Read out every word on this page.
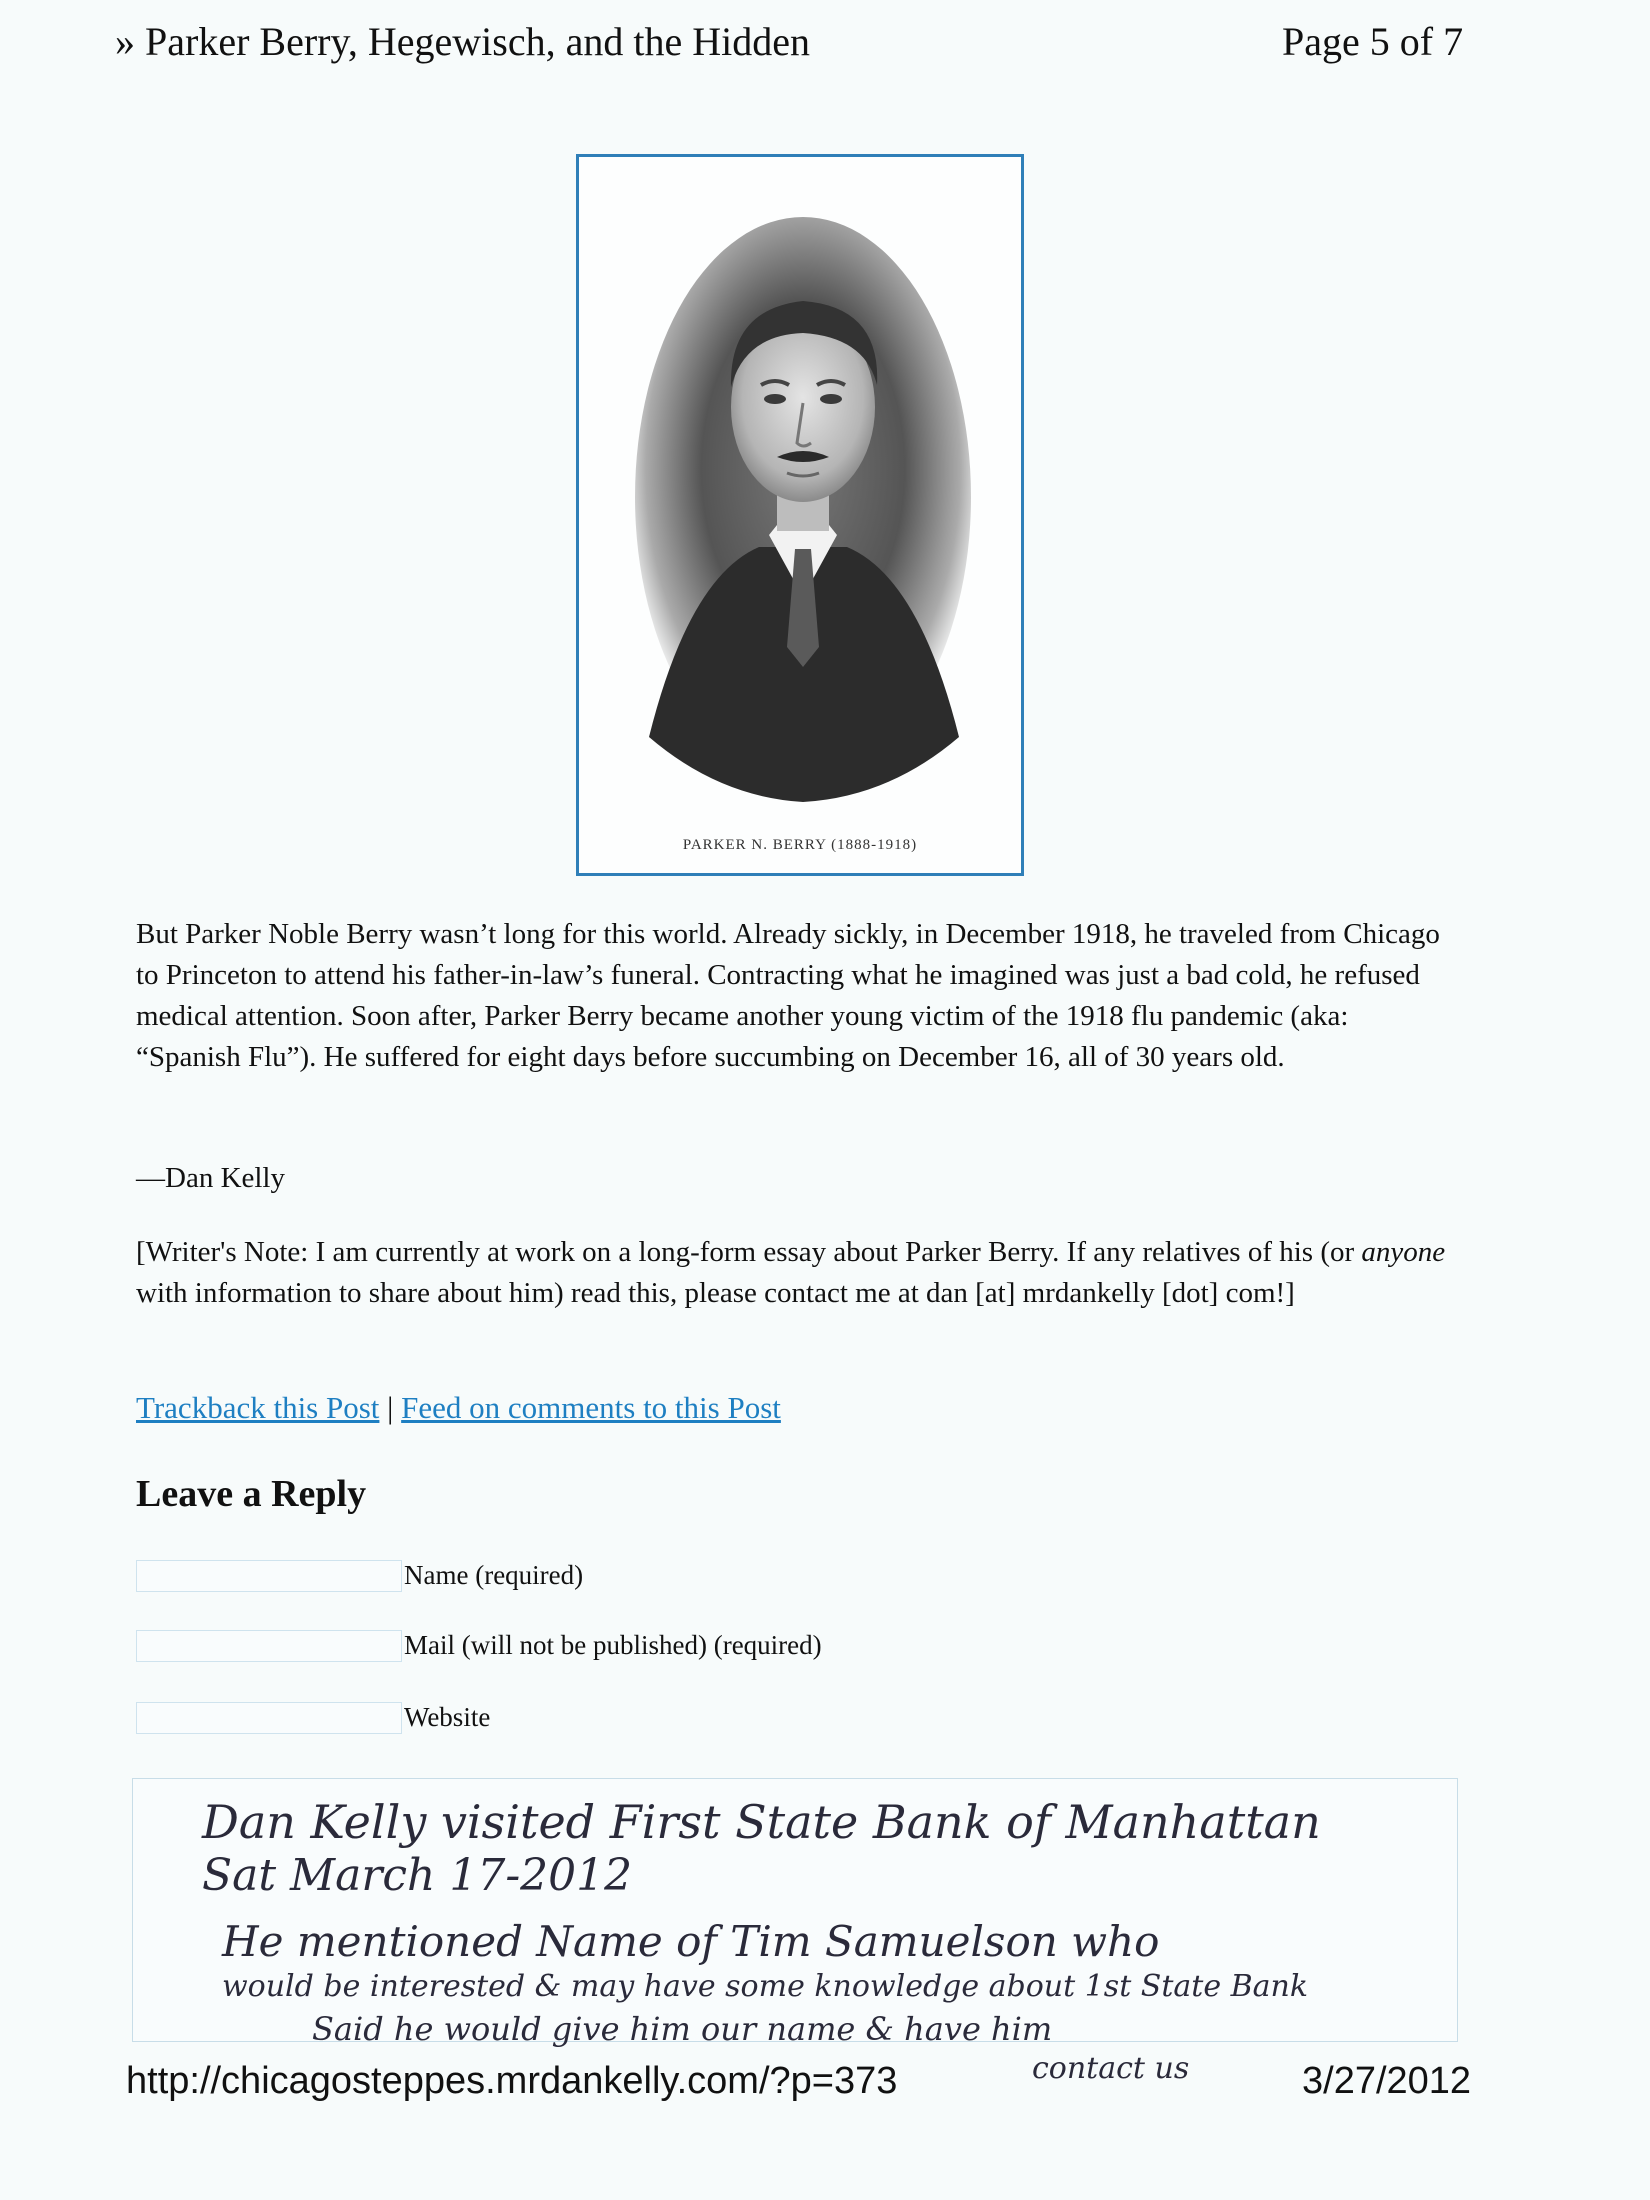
» Parker Berry, Hegewisch, and the Hidden	Page 5 of 7
PARKER N. BERRY (1888-1918)
But Parker Noble Berry wasn’t long for this world. Already sickly, in December 1918, he traveled from Chicago to Princeton to attend his father-in-law’s funeral. Contracting what he imagined was just a bad cold, he refused medical attention. Soon after, Parker Berry became another young victim of the 1918 flu pandemic (aka: “Spanish Flu”). He suffered for eight days before succumbing on December 16, all of 30 years old.
—Dan Kelly
[Writer's Note: I am currently at work on a long-form essay about Parker Berry. If any relatives of his (or anyone with information to share about him) read this, please contact me at dan [at] mrdankelly [dot] com!]
Trackback this Post | Feed on comments to this Post
Leave a Reply
Name (required)
Mail (will not be published) (required)
Website
Dan Kelly visited First State Bank of Manhattan
Sat March 17-2012
He mentioned Name of Tim Samuelson who
would be interested & may have some knowledge about 1st State Bank
Said he would give him our name & have him
contact us
http://chicagosteppes.mrdankelly.com/?p=373	3/27/2012
